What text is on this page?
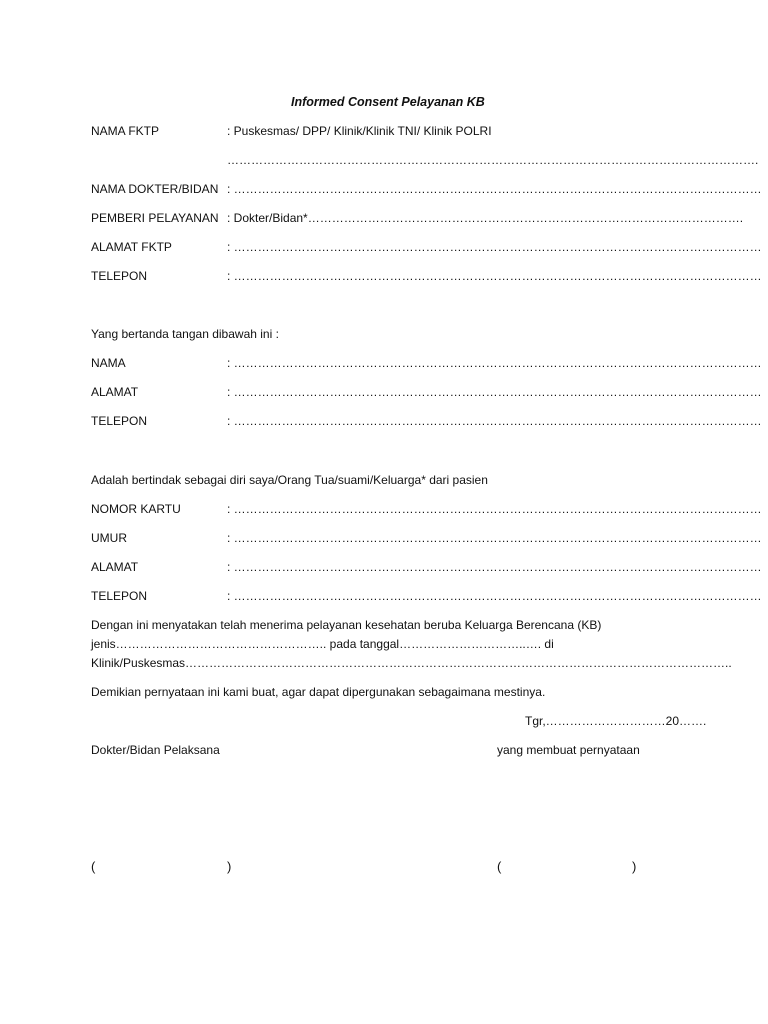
Informed Consent Pelayanan KB
NAMA FKTP	: Puskesmas/ DPP/ Klinik/Klinik TNI/ Klinik POLRI
…………………………………………………………………………………………………………………….
NAMA DOKTER/BIDAN : ……………………………………………………………………………………………………………………
PEMBERI PELAYANAN : Dokter/Bidan*……………………………………………………………………………………………….
ALAMAT FKTP	: ……………………………………………………………………………………………………………………
TELEPON	: ……………………………………………………………………………………………………………………
Yang bertanda tangan dibawah ini :
NAMA	: ……………………………………………………………………………………………………………………
ALAMAT	: ……………………………………………………………………………………………………………………
TELEPON	: ……………………………………………………………………………………………………………………
Adalah bertindak sebagai diri saya/Orang Tua/suami/Keluarga* dari pasien
NOMOR KARTU	: ……………………………………………………………………………………………………………………
UMUR	: ……………………………………………………………………………………………………………………
ALAMAT	: ……………………………………………………………………………………………………………………
TELEPON	: ……………………………………………………………………………………………………………………
Dengan ini menyatakan telah menerima pelayanan kesehatan beruba Keluarga Berencana (KB)
jenis…………………………………………….. pada tanggal…………………………..…. di
Klinik/Puskesmas………………………………………………………………………………………………………………………..
Demikian pernyataan ini kami buat, agar dapat dipergunakan sebagaimana mestinya.
Tgr,…………………………20…….
Dokter/Bidan Pelaksana	yang membuat pernyataan
(	)	(	)
